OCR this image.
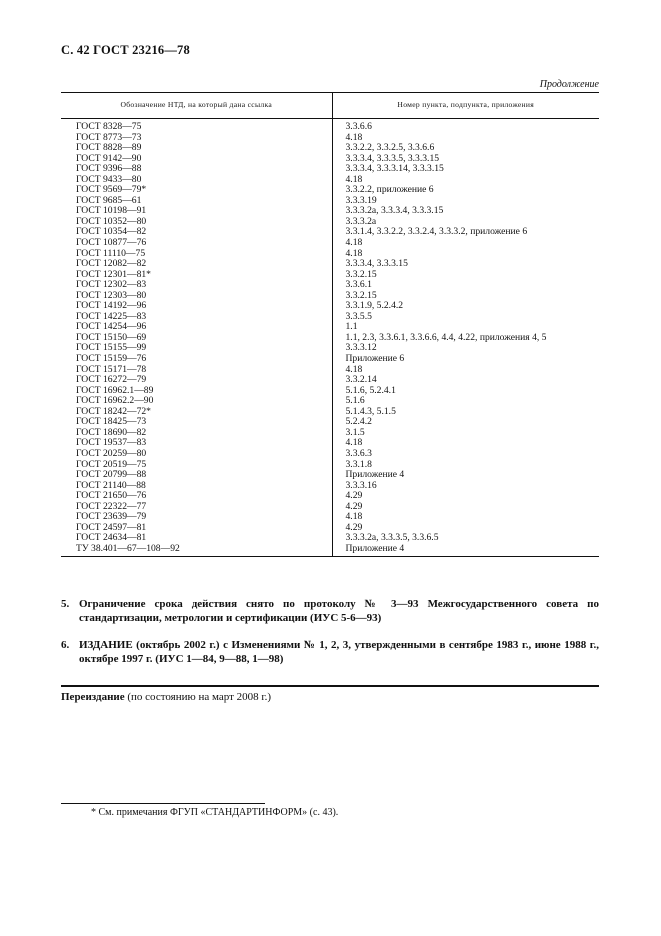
С. 42 ГОСТ 23216—78
Продолжение
Обозначение НТД, на который дана ссылка	Номер пункта, подпункта, приложения
ГОСТ 8328—75	3.3.6.6
ГОСТ 8773—73	4.18
ГОСТ 8828—89	3.3.2.2, 3.3.2.5, 3.3.6.6
ГОСТ 9142—90	3.3.3.4, 3.3.3.5, 3.3.3.15
ГОСТ 9396—88	3.3.3.4, 3.3.3.14, 3.3.3.15
ГОСТ 9433—80	4.18
ГОСТ 9569—79*	3.3.2.2, приложение 6
ГОСТ 9685—61	3.3.3.19
ГОСТ 10198—91	3.3.3.2а, 3.3.3.4, 3.3.3.15
ГОСТ 10352—80	3.3.3.2а
ГОСТ 10354—82	3.3.1.4, 3.3.2.2, 3.3.2.4, 3.3.3.2, приложение 6
ГОСТ 10877—76	4.18
ГОСТ 11110—75	4.18
ГОСТ 12082—82	3.3.3.4, 3.3.3.15
ГОСТ 12301—81*	3.3.2.15
ГОСТ 12302—83	3.3.6.1
ГОСТ 12303—80	3.3.2.15
ГОСТ 14192—96	3.3.1.9, 5.2.4.2
ГОСТ 14225—83	3.3.5.5
ГОСТ 14254—96	1.1
ГОСТ 15150—69	1.1, 2.3, 3.3.6.1, 3.3.6.6, 4.4, 4.22, приложения 4, 5
ГОСТ 15155—99	3.3.3.12
ГОСТ 15159—76	Приложение 6
ГОСТ 15171—78	4.18
ГОСТ 16272—79	3.3.2.14
ГОСТ 16962.1—89	5.1.6, 5.2.4.1
ГОСТ 16962.2—90	5.1.6
ГОСТ 18242—72*	5.1.4.3, 5.1.5
ГОСТ 18425—73	5.2.4.2
ГОСТ 18690—82	3.1.5
ГОСТ 19537—83	4.18
ГОСТ 20259—80	3.3.6.3
ГОСТ 20519—75	3.3.1.8
ГОСТ 20799—88	Приложение 4
ГОСТ 21140—88	3.3.3.16
ГОСТ 21650—76	4.29
ГОСТ 22322—77	4.29
ГОСТ 23639—79	4.18
ГОСТ 24597—81	4.29
ГОСТ 24634—81	3.3.3.2а, 3.3.3.5, 3.3.6.5
ТУ 38.401—67—108—92	Приложение 4

5. Ограничение срока действия снято по протоколу № 3—93 Межгосударственного совета по стандартизации, метрологии и сертификации (ИУС 5-6—93)
6. ИЗДАНИЕ (октябрь 2002 г.) с Изменениями № 1, 2, 3, утвержденными в сентябре 1983 г., июне 1988 г., октябре 1997 г. (ИУС 1—84, 9—88, 1—98)
Переиздание (по состоянию на март 2008 г.)
* См. примечания ФГУП «СТАНДАРТИНФОРМ» (с. 43).
